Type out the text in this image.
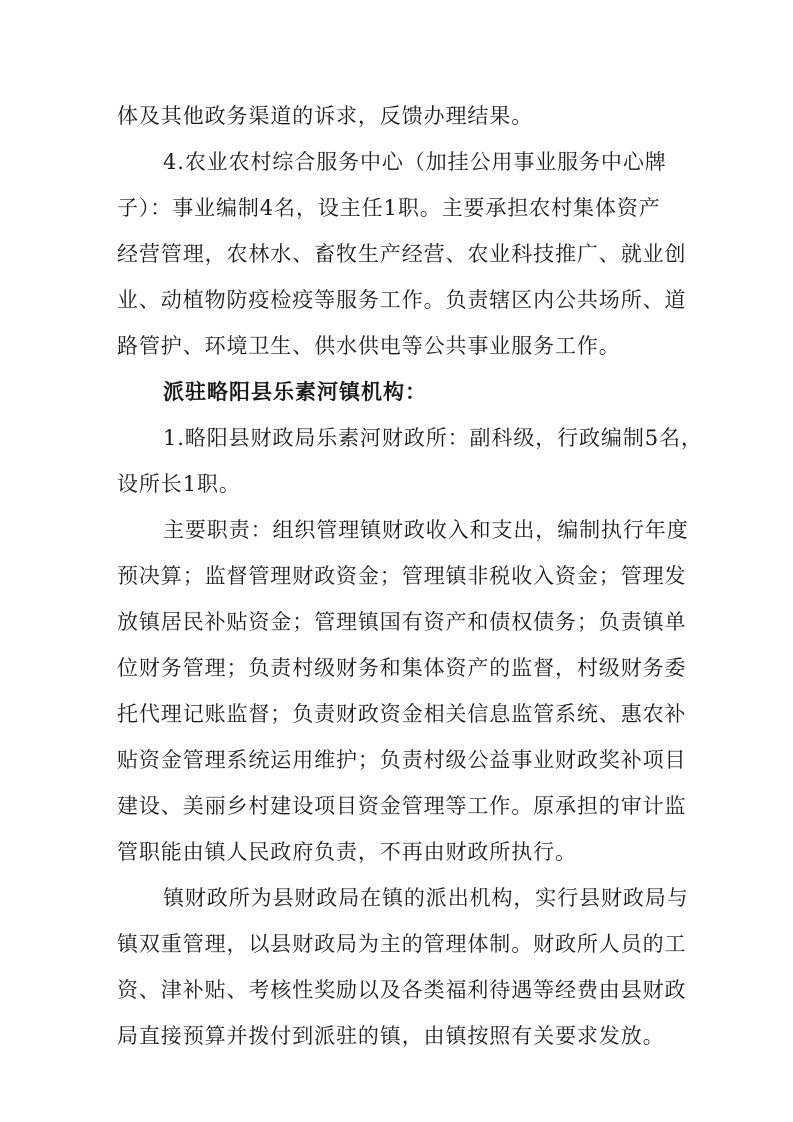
体及其他政务渠道的诉求，反馈办理结果。
4.农业农村综合服务中心（加挂公用事业服务中心牌
子）：事业编制4名，设主任1职。主要承担农村集体资产
经营管理，农林水、畜牧生产经营、农业科技推广、就业创
业、动植物防疫检疫等服务工作。负责辖区内公共场所、道
路管护、环境卫生、供水供电等公共事业服务工作。
派驻略阳县乐素河镇机构：
1.略阳县财政局乐素河财政所：副科级，行政编制5名，
设所长1职。
主要职责：组织管理镇财政收入和支出，编制执行年度
预决算；监督管理财政资金；管理镇非税收入资金；管理发
放镇居民补贴资金；管理镇国有资产和债权债务；负责镇单
位财务管理；负责村级财务和集体资产的监督，村级财务委
托代理记账监督；负责财政资金相关信息监管系统、惠农补
贴资金管理系统运用维护；负责村级公益事业财政奖补项目
建设、美丽乡村建设项目资金管理等工作。原承担的审计监
管职能由镇人民政府负责，不再由财政所执行。
镇财政所为县财政局在镇的派出机构，实行县财政局与
镇双重管理，以县财政局为主的管理体制。财政所人员的工
资、津补贴、考核性奖励以及各类福利待遇等经费由县财政
局直接预算并拨付到派驻的镇，由镇按照有关要求发放。
